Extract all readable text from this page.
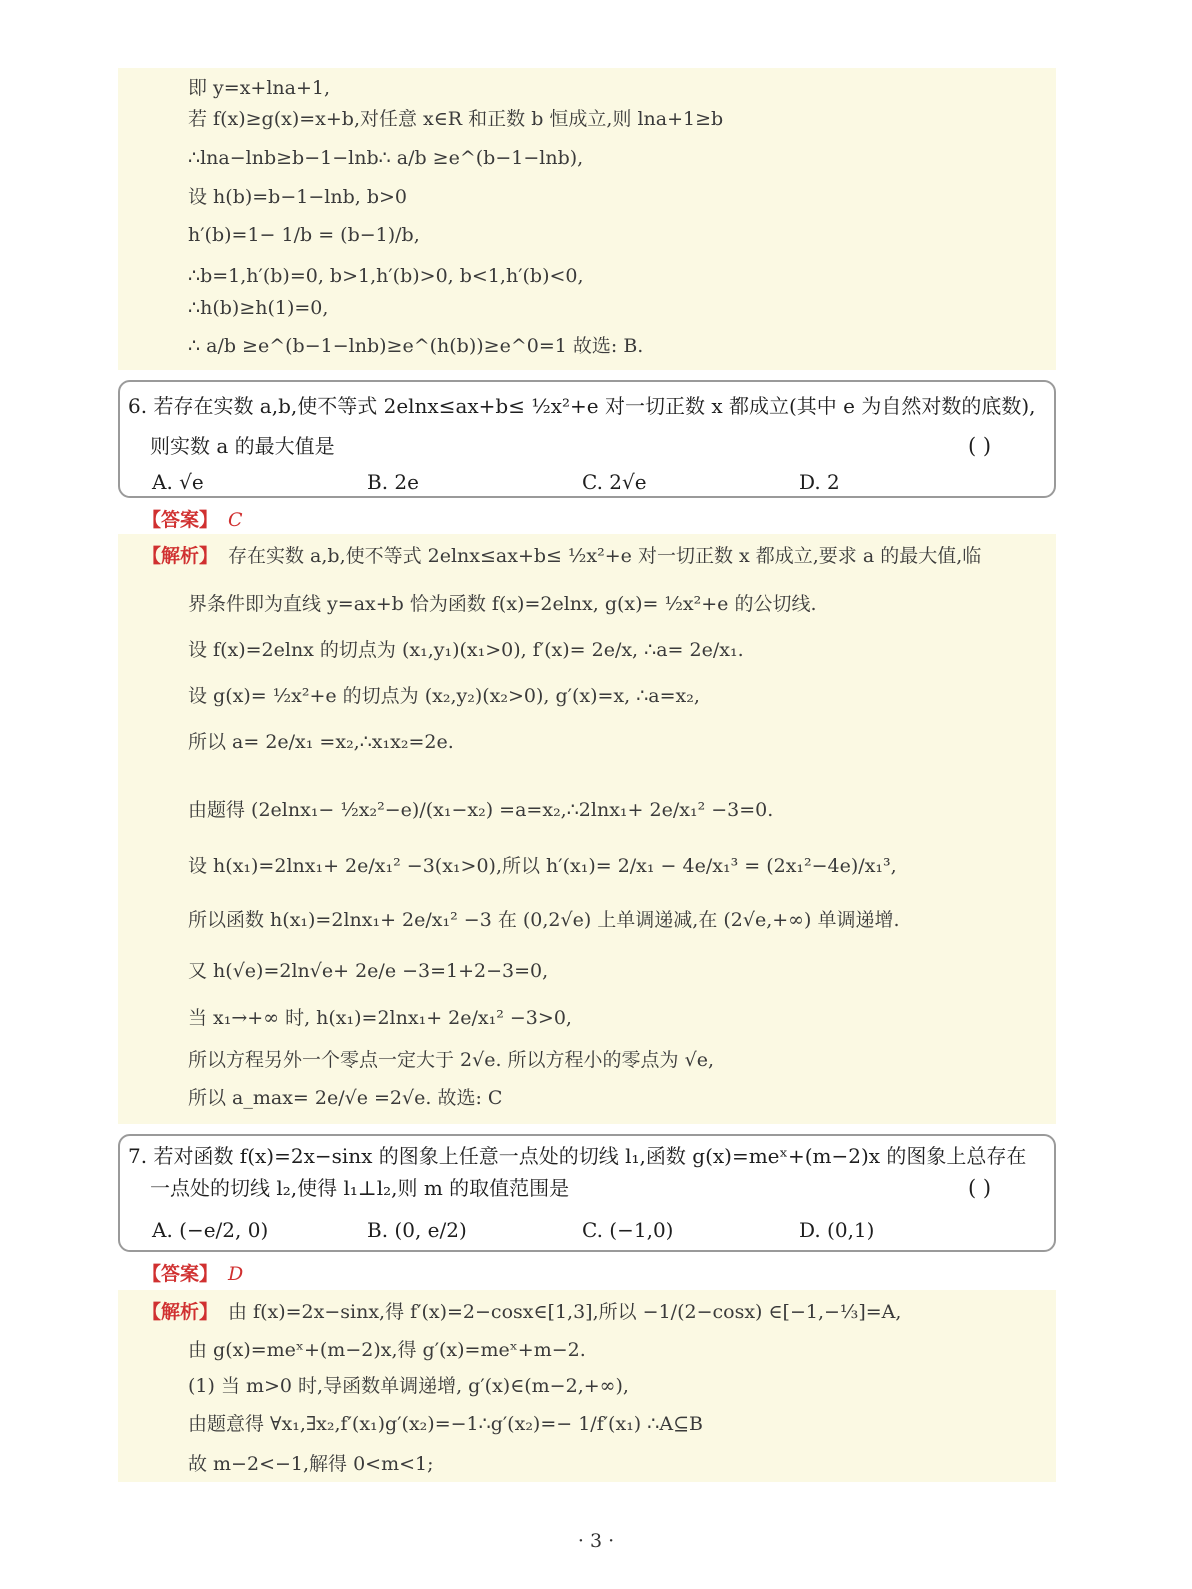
即 y=x+lna+1,
若 f(x)≥g(x)=x+b,对任意 x∈R 和正数 b 恒成立,则 lna+1≥b
∴lna−lnb≥b−1−lnb∴ a/b ≥e^(b−1−lnb),
设 h(b)=b−1−lnb, b>0
h′(b)=1− 1/b = (b−1)/b,
∴b=1,h′(b)=0, b>1,h′(b)>0, b<1,h′(b)<0,
∴h(b)≥h(1)=0,
∴ a/b ≥e^(b−1−lnb)≥e^(h(b))≥e^0=1 故选: B.
6. 若存在实数 a,b,使不等式 2elnx≤ax+b≤ ½x²+e 对一切正数 x 都成立(其中 e 为自然对数的底数),
则实数 a 的最大值是	( )
A. √e	B. 2e	C. 2√e	D. 2
【答案】 C
【解析】 存在实数 a,b,使不等式 2elnx≤ax+b≤ ½x²+e 对一切正数 x 都成立,要求 a 的最大值,临
界条件即为直线 y=ax+b 恰为函数 f(x)=2elnx, g(x)= ½x²+e 的公切线.
设 f(x)=2elnx 的切点为 (x₁,y₁)(x₁>0), f′(x)= 2e/x, ∴a= 2e/x₁.
设 g(x)= ½x²+e 的切点为 (x₂,y₂)(x₂>0), g′(x)=x, ∴a=x₂,
所以 a= 2e/x₁ =x₂,∴x₁x₂=2e.
由题得 (2elnx₁− ½x₂²−e)/(x₁−x₂) =a=x₂,∴2lnx₁+ 2e/x₁² −3=0.
设 h(x₁)=2lnx₁+ 2e/x₁² −3(x₁>0),所以 h′(x₁)= 2/x₁ − 4e/x₁³ = (2x₁²−4e)/x₁³,
所以函数 h(x₁)=2lnx₁+ 2e/x₁² −3 在 (0,2√e) 上单调递减,在 (2√e,+∞) 单调递增.
又 h(√e)=2ln√e+ 2e/e −3=1+2−3=0,
当 x₁→+∞ 时, h(x₁)=2lnx₁+ 2e/x₁² −3>0,
所以方程另外一个零点一定大于 2√e. 所以方程小的零点为 √e,
所以 a_max= 2e/√e =2√e. 故选: C
7. 若对函数 f(x)=2x−sinx 的图象上任意一点处的切线 l₁,函数 g(x)=meˣ+(m−2)x 的图象上总存在
一点处的切线 l₂,使得 l₁⊥l₂,则 m 的取值范围是	( )
A. (−e/2, 0)	B. (0, e/2)	C. (−1,0)	D. (0,1)
【答案】 D
【解析】 由 f(x)=2x−sinx,得 f′(x)=2−cosx∈[1,3],所以 −1/(2−cosx) ∈[−1,−⅓]=A,
由 g(x)=meˣ+(m−2)x,得 g′(x)=meˣ+m−2.
(1) 当 m>0 时,导函数单调递增, g′(x)∈(m−2,+∞),
由题意得 ∀x₁,∃x₂,f′(x₁)g′(x₂)=−1∴g′(x₂)=− 1/f′(x₁) ∴A⊆B
故 m−2<−1,解得 0<m<1;
· 3 ·
